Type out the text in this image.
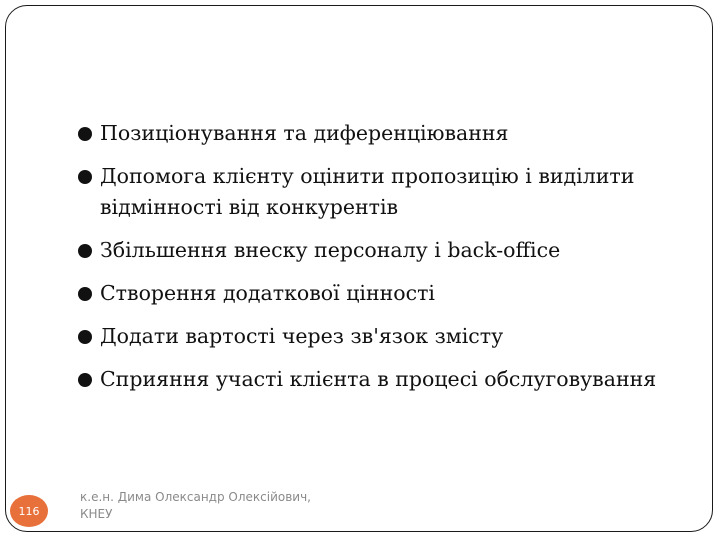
Позиціонування та диференціювання
Допомога клієнту оцінити пропозицію і виділити відмінності від конкурентів
Збільшення внеску персоналу і back-office
Створення додаткової цінності
Додати вартості через зв'язок змісту
Сприяння участі клієнта в процесі обслуговування
116
к.е.н. Дима Олександр Олексійович,
КНЕУ
